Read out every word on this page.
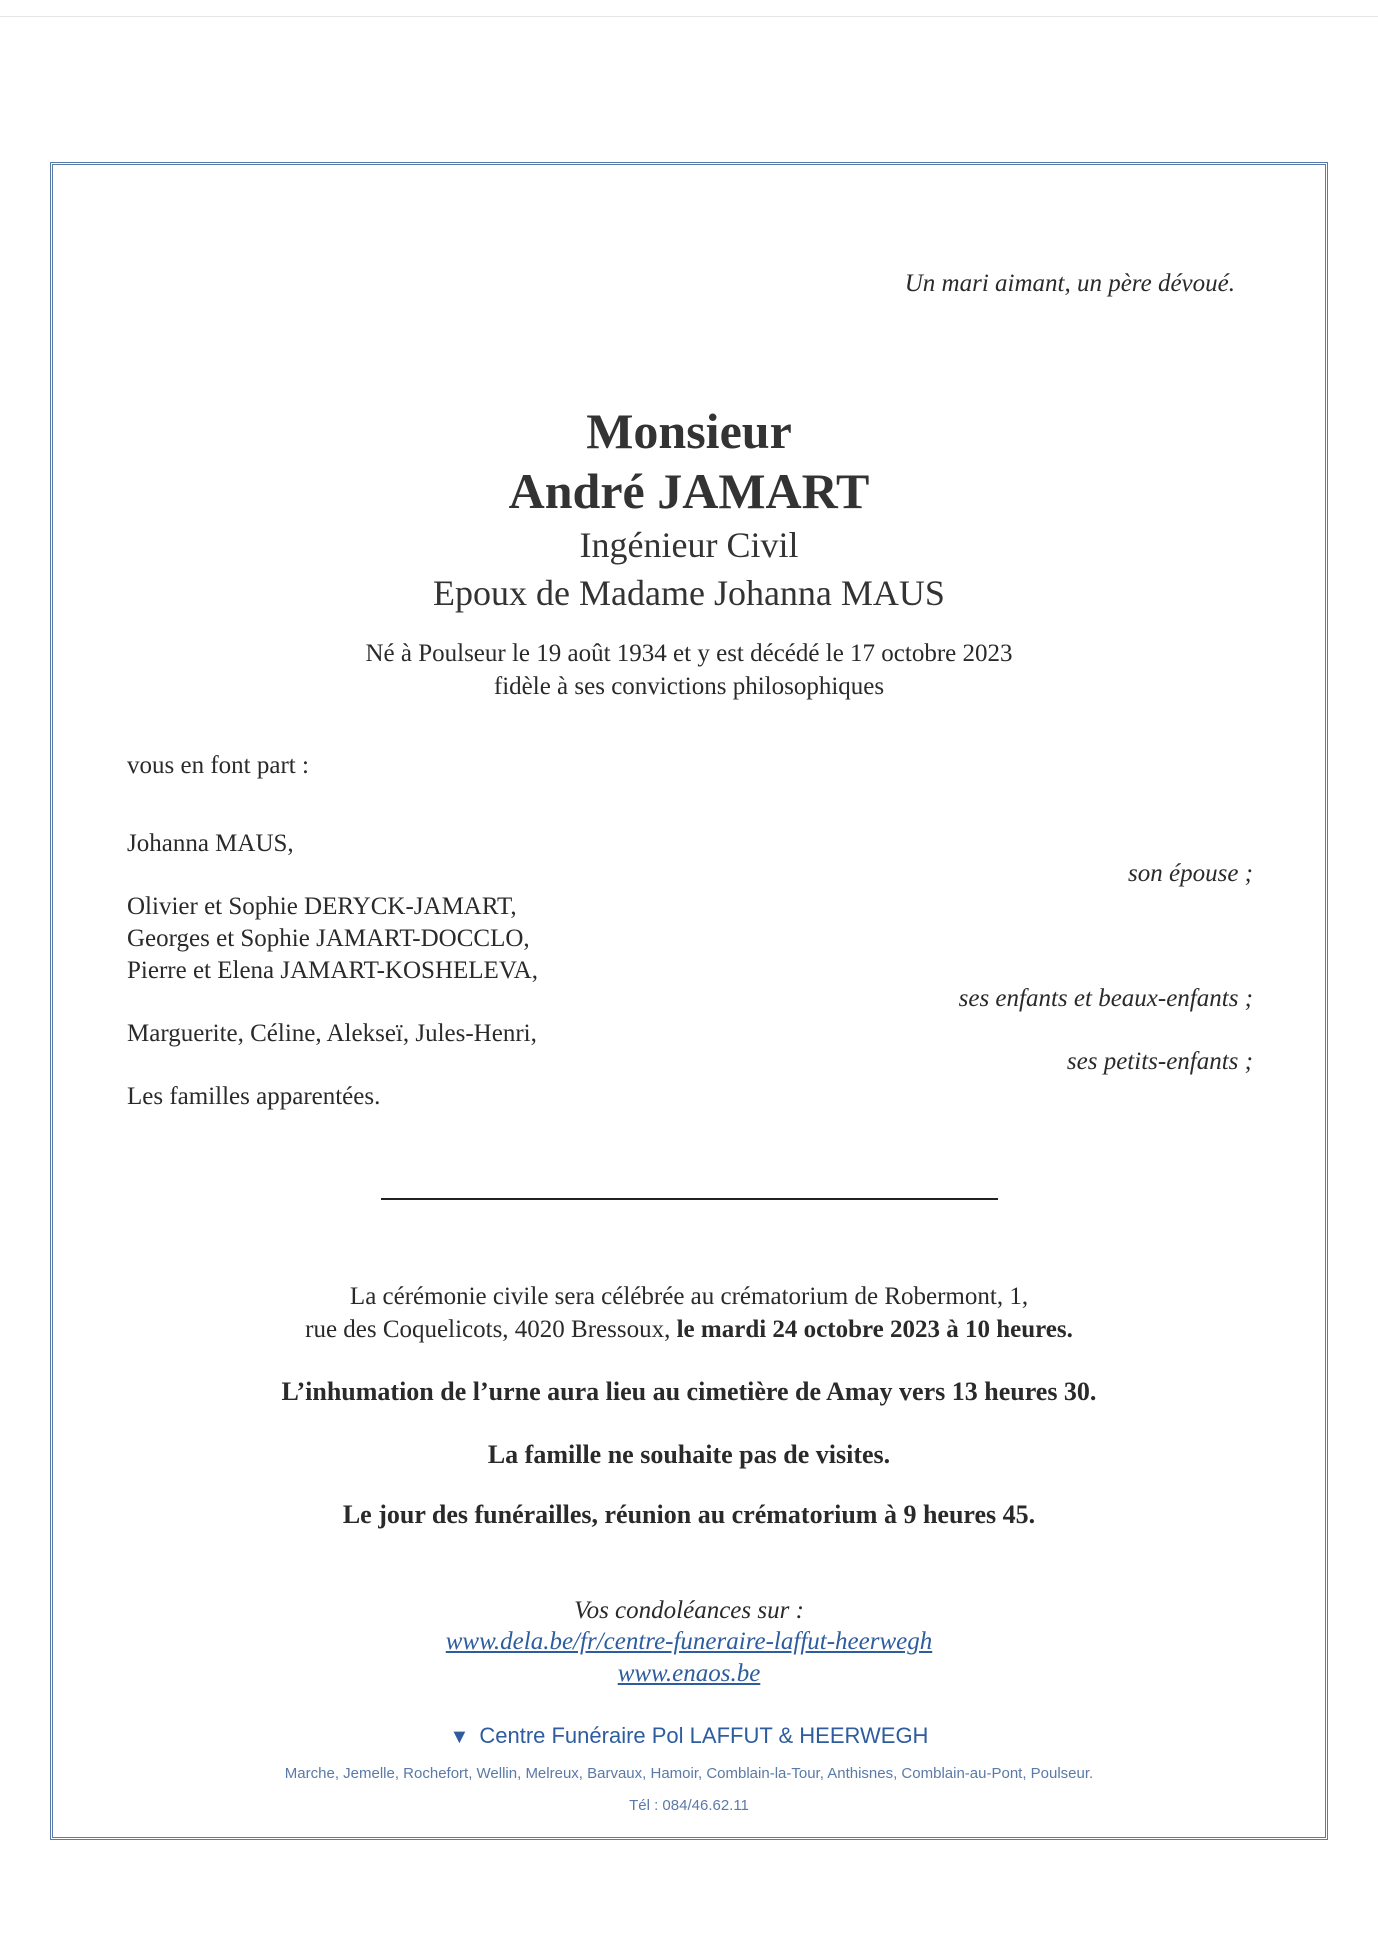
Un mari aimant, un père dévoué.
Monsieur
André JAMART
Ingénieur Civil
Epoux de Madame Johanna MAUS
Né à Poulseur le 19 août 1934 et y est décédé le 17 octobre 2023
fidèle à ses convictions philosophiques
vous en font part :
Johanna MAUS,
son épouse ;
Olivier et Sophie DERYCK-JAMART,
Georges et Sophie JAMART-DOCCLO,
Pierre et Elena JAMART-KOSHELEVA,
ses enfants et beaux-enfants ;
Marguerite, Céline, Alekseï, Jules-Henri,
ses petits-enfants ;
Les familles apparentées.
La cérémonie civile sera célébrée au crématorium de Robermont, 1,
rue des Coquelicots, 4020 Bressoux, le mardi 24 octobre 2023 à 10 heures.
L’inhumation de l’urne aura lieu au cimetière de Amay vers 13 heures 30.
La famille ne souhaite pas de visites.
Le jour des funérailles, réunion au crématorium à 9 heures 45.
Vos condoléances sur :
www.dela.be/fr/centre-funeraire-laffut-heerwegh
www.enaos.be
▼ Centre Funéraire Pol LAFFUT & HEERWEGH
Marche, Jemelle, Rochefort, Wellin, Melreux, Barvaux, Hamoir, Comblain-la-Tour, Anthisnes, Comblain-au-Pont, Poulseur.
Tél : 084/46.62.11
